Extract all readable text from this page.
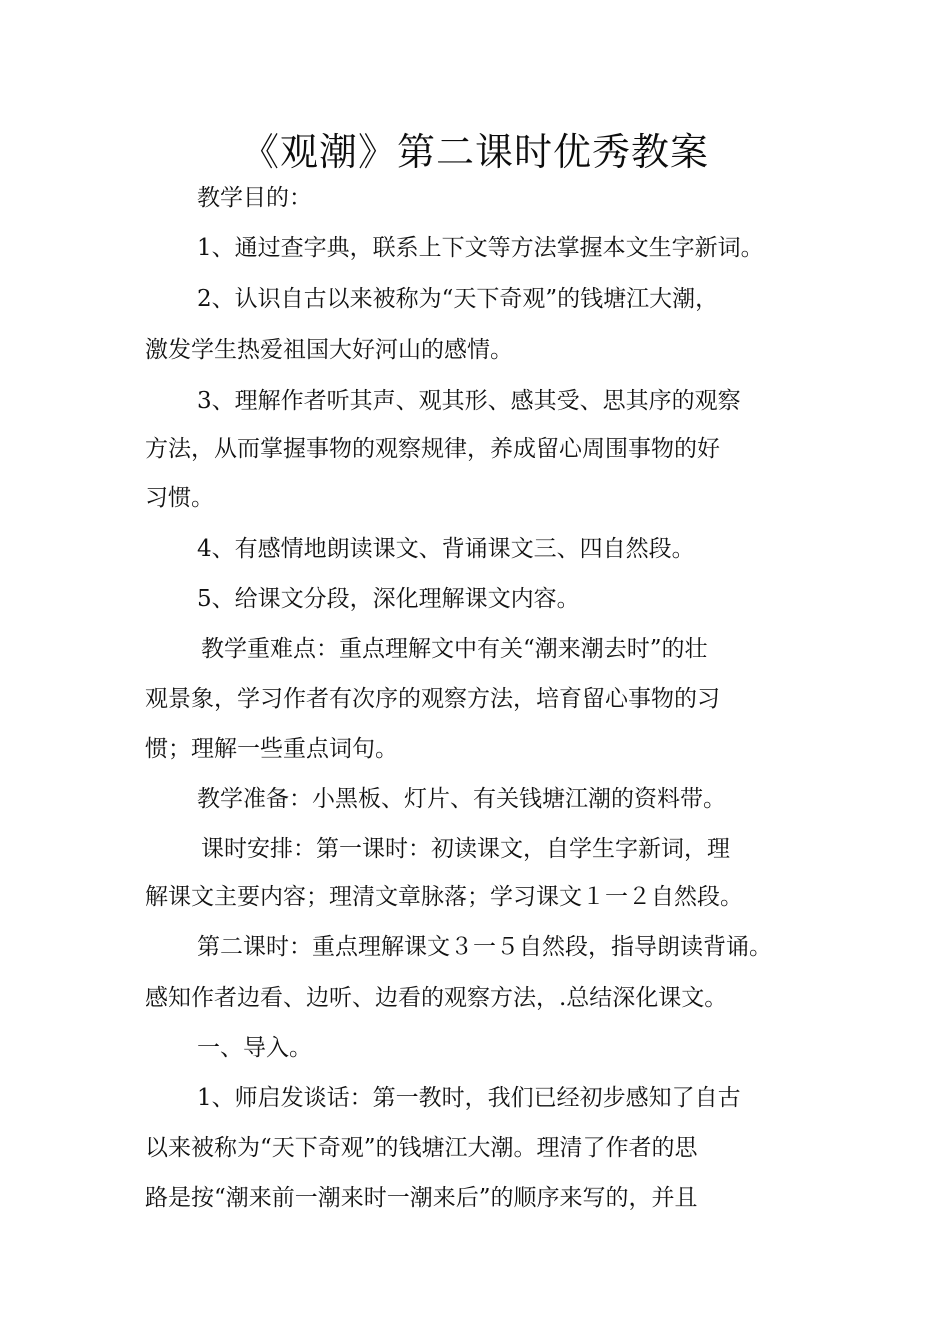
《观潮》第二课时优秀教案
教学目的：
1、通过查字典，联系上下文等方法掌握本文生字新词。
2、认识自古以来被称为“天下奇观”的钱塘江大潮，
激发学生热爱祖国大好河山的感情。
3、理解作者听其声、观其形、感其受、思其序的观察
方法，从而掌握事物的观察规律，养成留心周围事物的好
习惯。
4、有感情地朗读课文、背诵课文三、四自然段。
5、给课文分段，深化理解课文内容。
教学重难点：重点理解文中有关“潮来潮去时”的壮
观景象，学习作者有次序的观察方法，培育留心事物的习
惯；理解一些重点词句。
教学准备：小黑板、灯片、有关钱塘江潮的资料带。
课时安排：第一课时：初读课文，自学生字新词，理
解课文主要内容；理清文章脉落；学习课文１一２自然段。
第二课时：重点理解课文３一５自然段，指导朗读背诵。
感知作者边看、边听、边看的观察方法，.总结深化课文。
一、导入。
1、师启发谈话：第一教时，我们已经初步感知了自古
以来被称为“天下奇观”的钱塘江大潮。理清了作者的思
路是按“潮来前一潮来时一潮来后”的顺序来写的，并且
